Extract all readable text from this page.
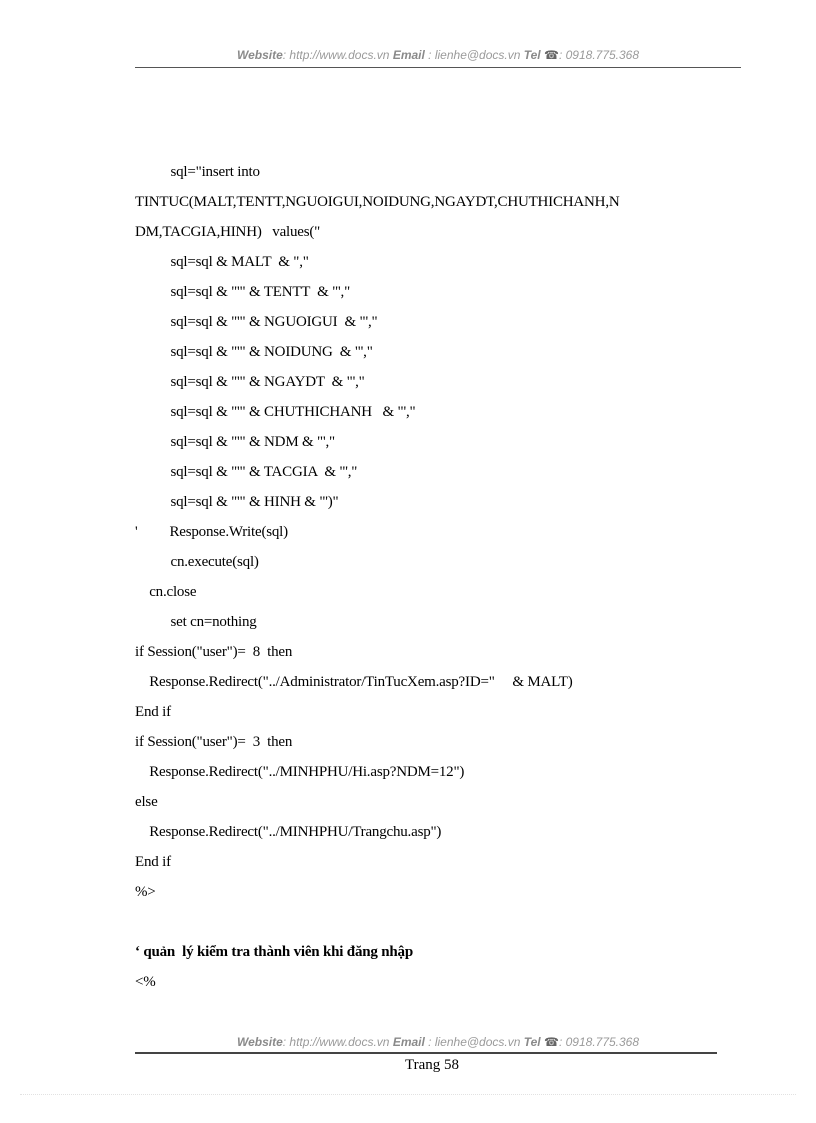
Website: http://www.docs.vn Email : lienhe@docs.vn Tel ☎: 0918.775.368
sql="insert into
TINTUC(MALT,TENTT,NGUOIGUI,NOIDUNG,NGAYDT,CHUTHICHANH,N
DM,TACGIA,HINH)   values("
sql=sql & MALT  & ","
sql=sql & "'" & TENTT  & "',"
sql=sql & "'" & NGUOIGUI  & "',"
sql=sql & "'" & NOIDUNG  & "',"
sql=sql & "'" & NGAYDT  & "',"
sql=sql & "'" & CHUTHICHANH   & "',"
sql=sql & "'" & NDM & "',"
sql=sql & "'" & TACGIA  & "',"
sql=sql & "'" & HINH & "')"
'         Response.Write(sql)
cn.execute(sql)
cn.close
set cn=nothing
if Session("user")=  8  then
Response.Redirect("../Administrator/TinTucXem.asp?ID="     & MALT)
End if
if Session("user")=  3  then
Response.Redirect("../MINHPHU/Hi.asp?NDM=12")
else
Response.Redirect("../MINHPHU/Trangchu.asp")
End if
%>
‘ quản  lý kiểm tra thành viên khi đăng nhập
<%
Website: http://www.docs.vn Email : lienhe@docs.vn Tel ☎: 0918.775.368
Trang 58
